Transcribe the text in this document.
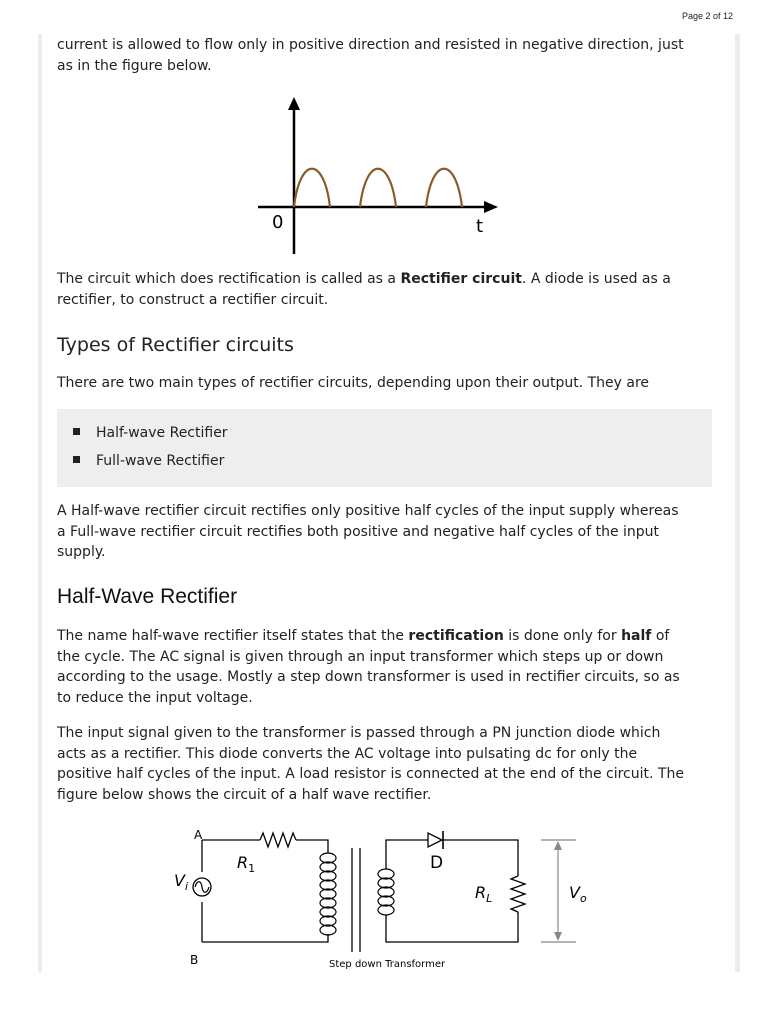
Page 2 of 12

current is allowed to flow only in positive direction and resisted in negative direction, just
as in the figure below.

0	t

The circuit which does rectification is called as a Rectifier circuit. A diode is used as a
rectifier, to construct a rectifier circuit.

Types of Rectifier circuits

There are two main types of rectifier circuits, depending upon their output. They are

Half-wave Rectifier
Full-wave Rectifier

A Half-wave rectifier circuit rectifies only positive half cycles of the input supply whereas
a Full-wave rectifier circuit rectifies both positive and negative half cycles of the input
supply.

Half-Wave Rectifier

The name half-wave rectifier itself states that the rectification is done only for half of
the cycle. The AC signal is given through an input transformer which steps up or down
according to the usage. Mostly a step down transformer is used in rectifier circuits, so as
to reduce the input voltage.

The input signal given to the transformer is passed through a PN junction diode which
acts as a rectifier. This diode converts the AC voltage into pulsating dc for only the
positive half cycles of the input. A load resistor is connected at the end of the circuit. The
figure below shows the circuit of a half wave rectifier.

A
B
$R_1$
$V_i$
D
$R_L$	$V_o$
Step down Transformer
